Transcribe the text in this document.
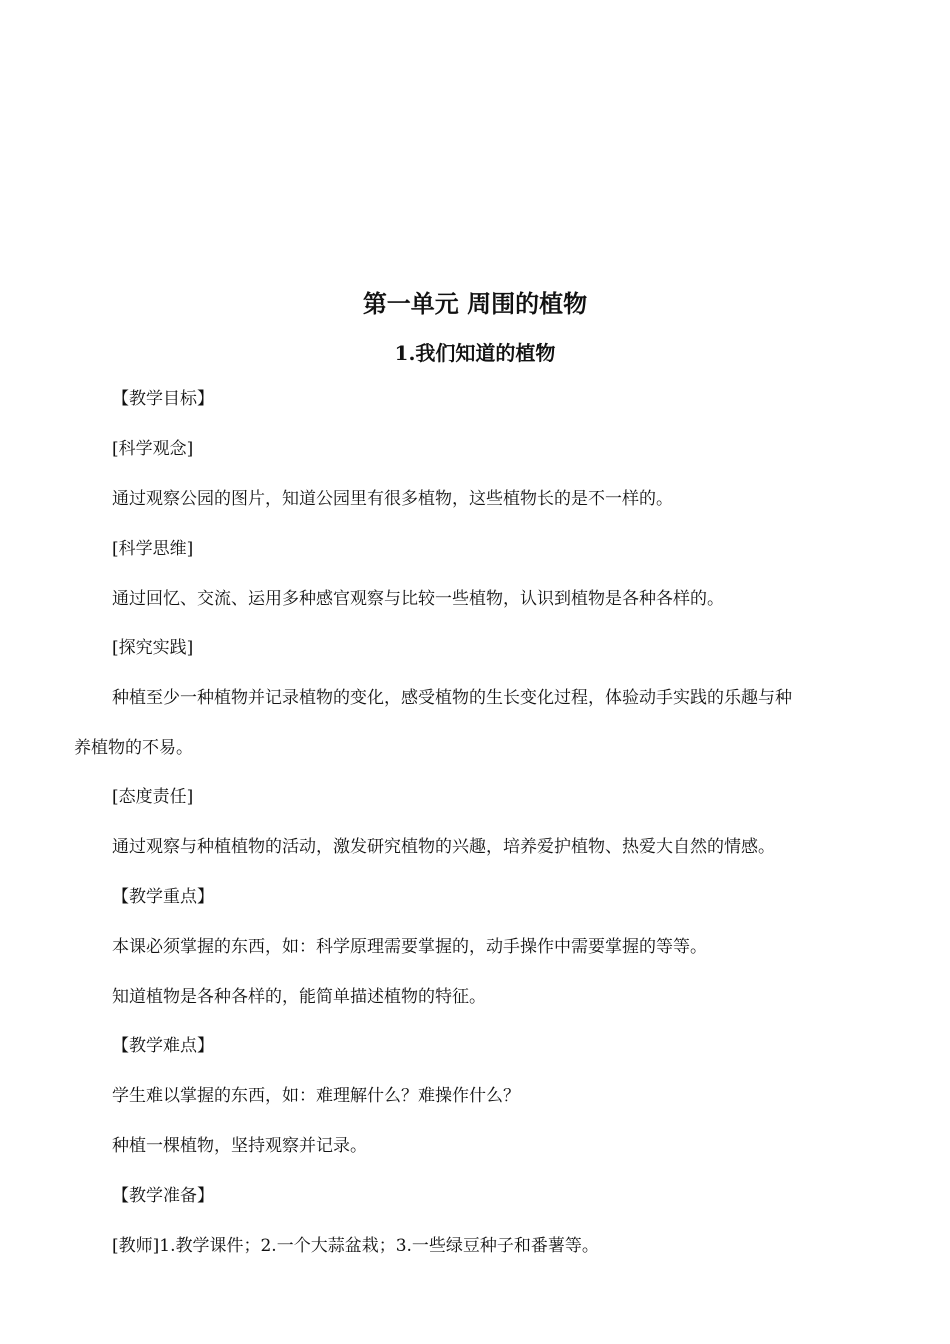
第一单元 周围的植物
1.我们知道的植物
【教学目标】
[科学观念]
通过观察公园的图片，知道公园里有很多植物，这些植物长的是不一样的。
[科学思维]
通过回忆、交流、运用多种感官观察与比较一些植物，认识到植物是各种各样的。
[探究实践]
种植至少一种植物并记录植物的变化，感受植物的生长变化过程，体验动手实践的乐趣与种
养植物的不易。
[态度责任]
通过观察与种植植物的活动，激发研究植物的兴趣，培养爱护植物、热爱大自然的情感。
【教学重点】
本课必须掌握的东西，如：科学原理需要掌握的，动手操作中需要掌握的等等。
知道植物是各种各样的，能简单描述植物的特征。
【教学难点】
学生难以掌握的东西，如：难理解什么？难操作什么？
种植一棵植物，坚持观察并记录。
【教学准备】
[教师]1.教学课件；2.一个大蒜盆栽；3.一些绿豆种子和番薯等。
